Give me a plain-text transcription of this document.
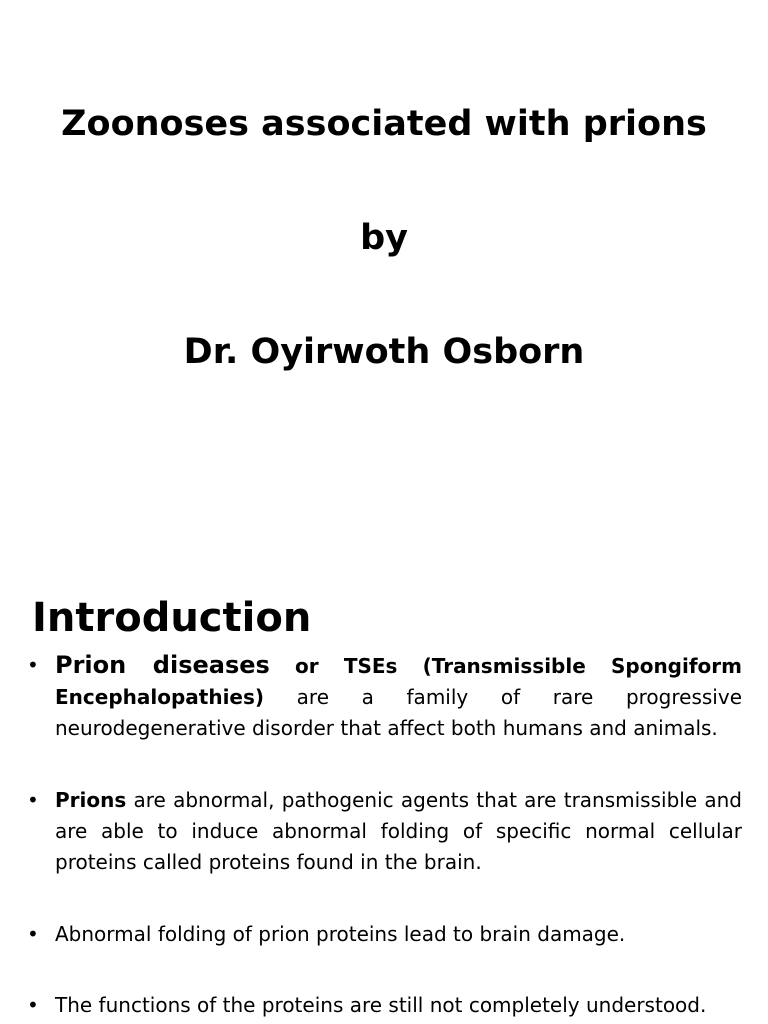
Zoonoses associated with prions
by
Dr. Oyirwoth Osborn
Introduction
• Prion diseases or TSEs (Transmissible Spongiform Encephalopathies) are a family of rare progressive neurodegenerative disorder that affect both humans and animals.
• Prions are abnormal, pathogenic agents that are transmissible and are able to induce abnormal folding of specific normal cellular proteins called proteins found in the brain.
• Abnormal folding of prion proteins lead to brain damage.
• The functions of the proteins are still not completely understood.
